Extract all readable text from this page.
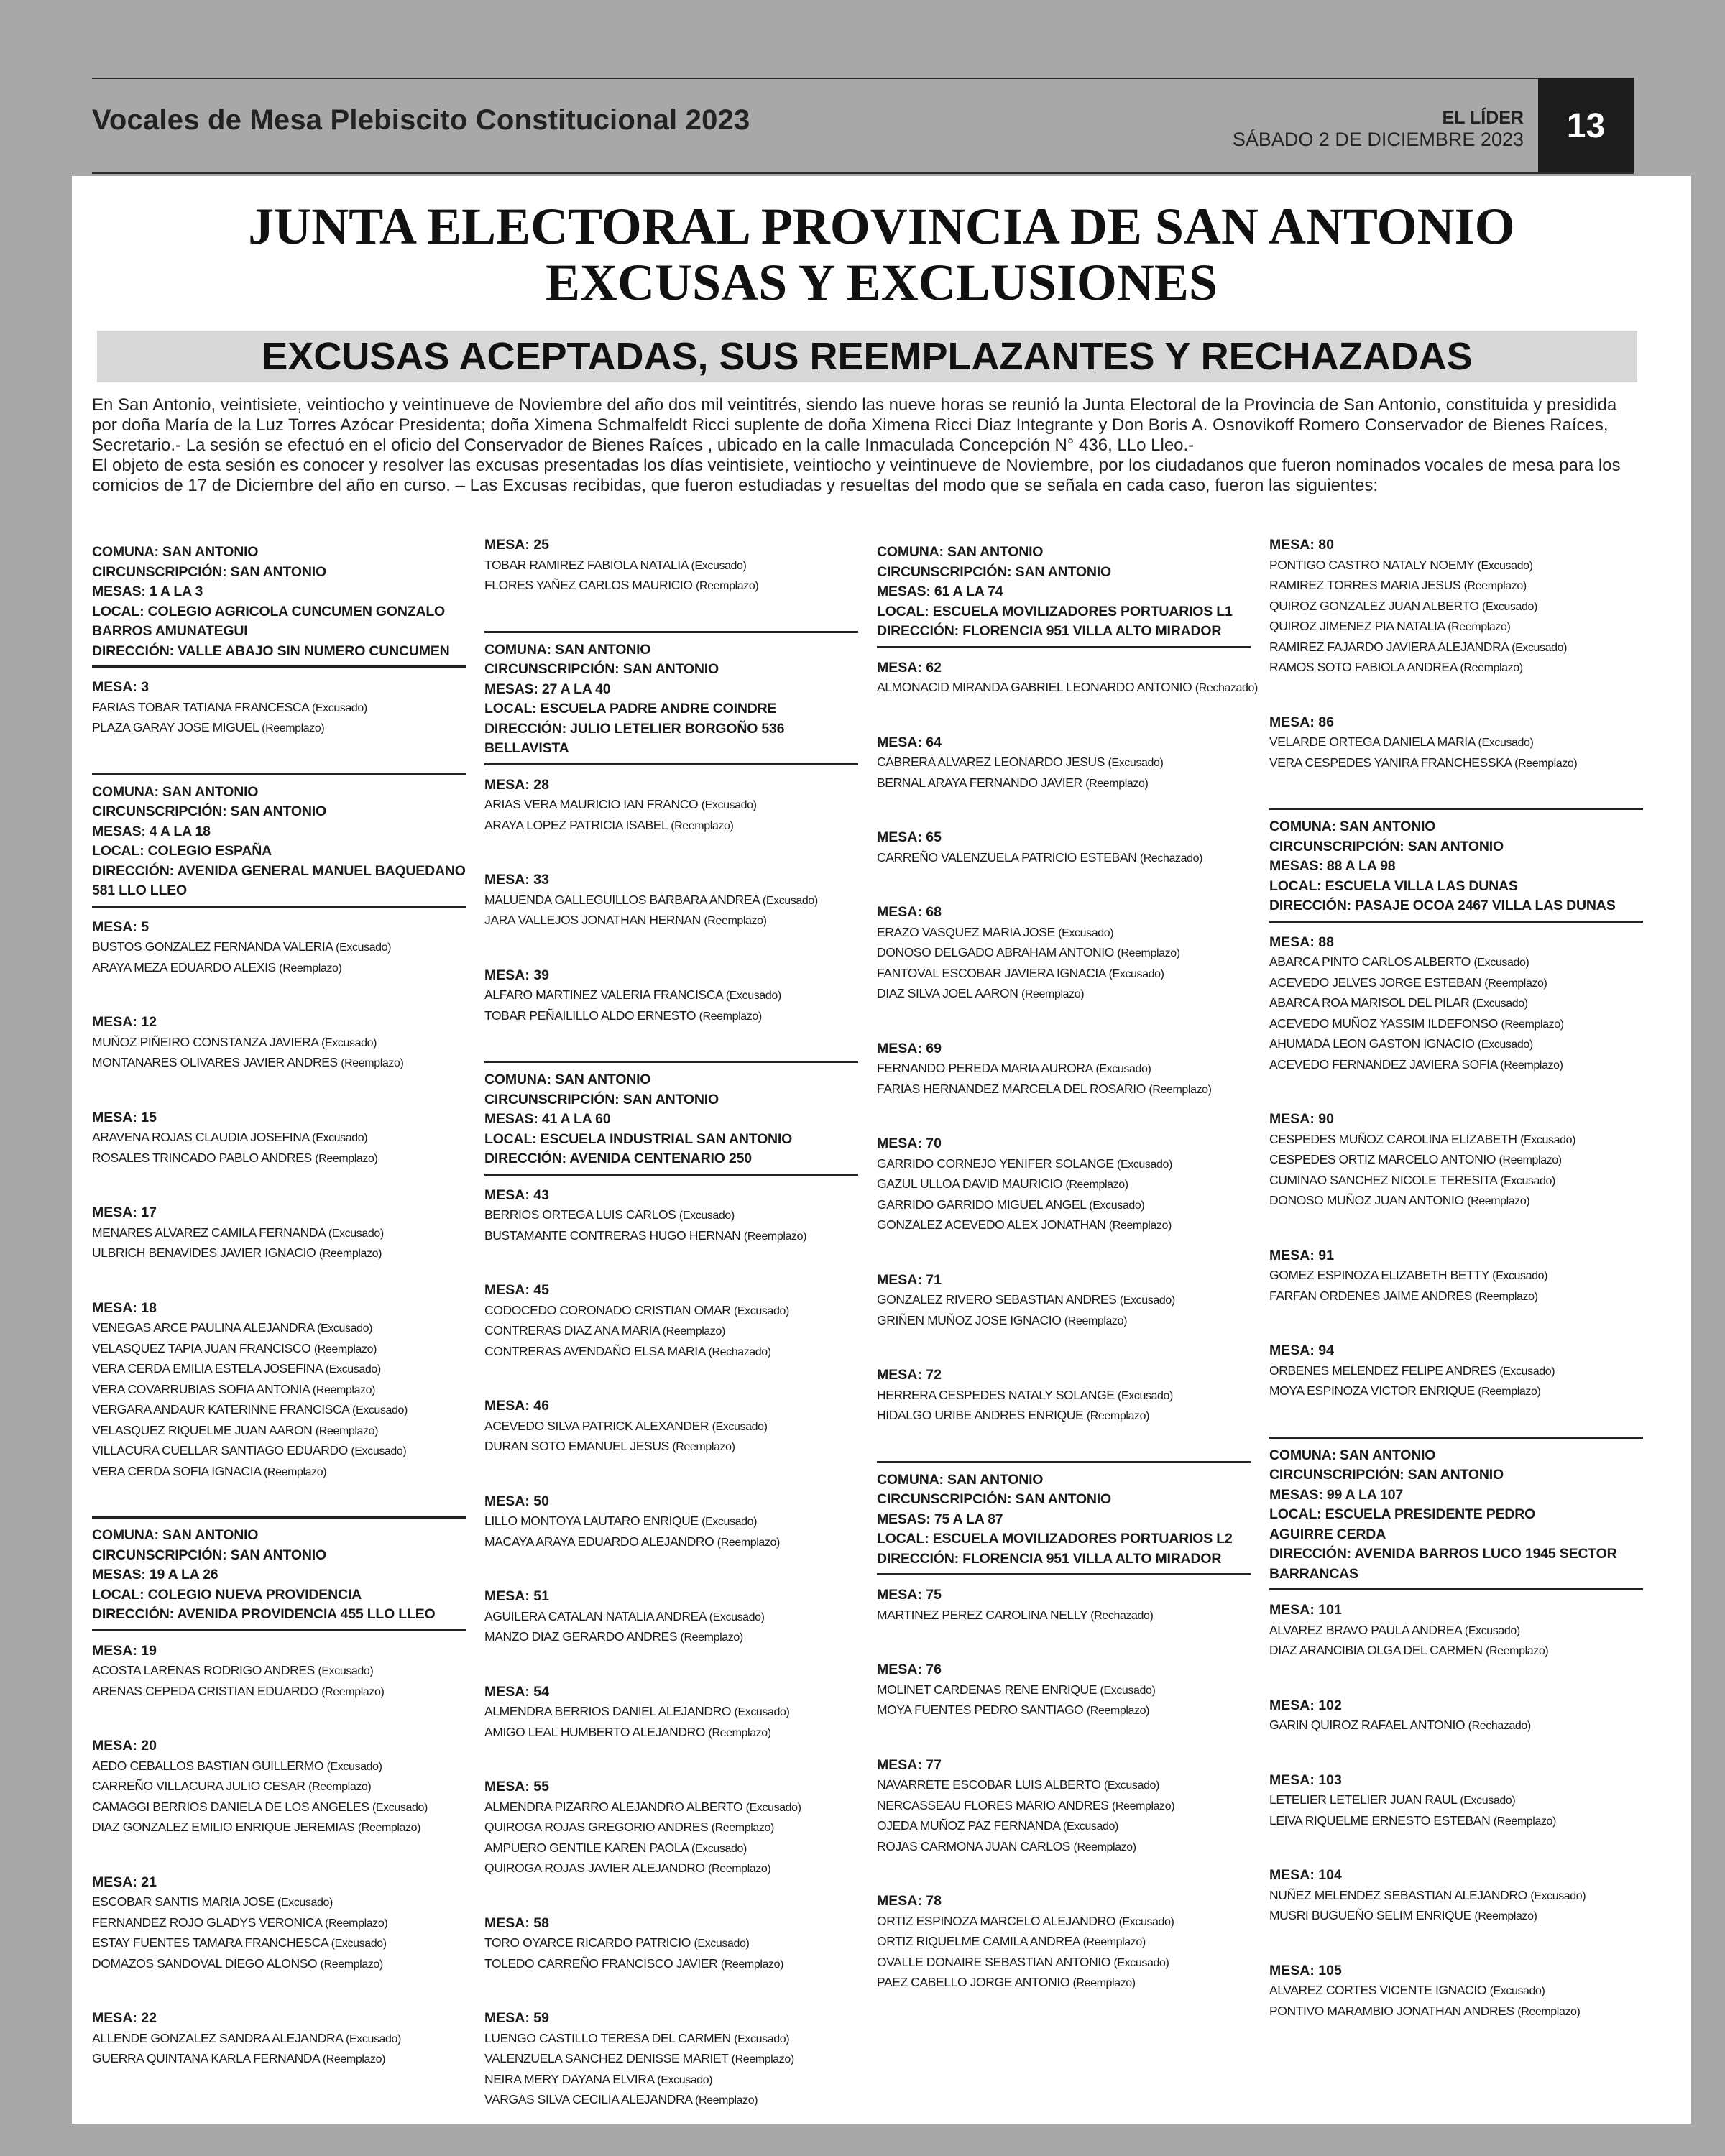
Vocales de Mesa Plebiscito Constitucional 2023	EL LÍDER
SÁBADO 2 DE DICIEMBRE 2023	13
JUNTA ELECTORAL PROVINCIA DE SAN ANTONIO
EXCUSAS Y EXCLUSIONES
EXCUSAS ACEPTADAS, SUS REEMPLAZANTES Y RECHAZADAS

En San Antonio, veintisiete, veintiocho y veintinueve de Noviembre del año dos mil veintitrés, siendo las nueve horas se reunió la Junta Electoral de la Provincia de San Antonio, constituida y presidida por doña María de la Luz Torres Azócar Presidenta; doña Ximena Schmalfeldt Ricci suplente de doña Ximena Ricci Diaz Integrante y Don Boris A. Osnovikoff Romero Conservador de Bienes Raíces, Secretario.- La sesión se efectuó en el oficio del Conservador de Bienes Raíces , ubicado en la calle Inmaculada Concepción N° 436, LLo Lleo.-

El objeto de esta sesión es conocer y resolver las excusas presentadas los días veintisiete, veintiocho y veintinueve de Noviembre, por los ciudadanos que fueron nominados vocales de mesa para los comicios de 17 de Diciembre del año en curso. – Las Excusas recibidas, que fueron estudiadas y resueltas del modo que se señala en cada caso, fueron las siguientes:

COMUNA: SAN ANTONIO
CIRCUNSCRIPCIÓN: SAN ANTONIO
MESAS: 1 A LA 3
LOCAL: COLEGIO AGRICOLA CUNCUMEN GONZALO
BARROS AMUNATEGUI
DIRECCIÓN: VALLE ABAJO SIN NUMERO CUNCUMEN
MESA: 3
FARIAS TOBAR TATIANA FRANCESCA (Excusado)
PLAZA GARAY JOSE MIGUEL (Reemplazo)
COMUNA: SAN ANTONIO
CIRCUNSCRIPCIÓN: SAN ANTONIO
MESAS: 4 A LA 18
LOCAL: COLEGIO ESPAÑA
DIRECCIÓN: AVENIDA GENERAL MANUEL BAQUEDANO
581 LLO LLEO
MESA: 5
BUSTOS GONZALEZ FERNANDA VALERIA (Excusado)
ARAYA MEZA EDUARDO ALEXIS (Reemplazo)
MESA: 12
MUÑOZ PIÑEIRO CONSTANZA JAVIERA (Excusado)
MONTANARES OLIVARES JAVIER ANDRES (Reemplazo)
MESA: 15
ARAVENA ROJAS CLAUDIA JOSEFINA (Excusado)
ROSALES TRINCADO PABLO ANDRES (Reemplazo)
MESA: 17
MENARES ALVAREZ CAMILA FERNANDA (Excusado)
ULBRICH BENAVIDES JAVIER IGNACIO (Reemplazo)
MESA: 18
VENEGAS ARCE PAULINA ALEJANDRA (Excusado)
VELASQUEZ TAPIA JUAN FRANCISCO (Reemplazo)
VERA CERDA EMILIA ESTELA JOSEFINA (Excusado)
VERA COVARRUBIAS SOFIA ANTONIA (Reemplazo)
VERGARA ANDAUR KATERINNE FRANCISCA (Excusado)
VELASQUEZ RIQUELME JUAN AARON (Reemplazo)
VILLACURA CUELLAR SANTIAGO EDUARDO (Excusado)
VERA CERDA SOFIA IGNACIA (Reemplazo)
COMUNA: SAN ANTONIO
CIRCUNSCRIPCIÓN: SAN ANTONIO
MESAS: 19 A LA 26
LOCAL: COLEGIO NUEVA PROVIDENCIA
DIRECCIÓN: AVENIDA PROVIDENCIA 455 LLO LLEO
MESA: 19
ACOSTA LARENAS RODRIGO ANDRES (Excusado)
ARENAS CEPEDA CRISTIAN EDUARDO (Reemplazo)
MESA: 20
AEDO CEBALLOS BASTIAN GUILLERMO (Excusado)
CARREÑO VILLACURA JULIO CESAR (Reemplazo)
CAMAGGI BERRIOS DANIELA DE LOS ANGELES (Excusado)
DIAZ GONZALEZ EMILIO ENRIQUE JEREMIAS (Reemplazo)
MESA: 21
ESCOBAR SANTIS MARIA JOSE (Excusado)
FERNANDEZ ROJO GLADYS VERONICA (Reemplazo)
ESTAY FUENTES TAMARA FRANCHESCA (Excusado)
DOMAZOS SANDOVAL DIEGO ALONSO (Reemplazo)
MESA: 22
ALLENDE GONZALEZ SANDRA ALEJANDRA (Excusado)
GUERRA QUINTANA KARLA FERNANDA (Reemplazo)
MESA: 25
TOBAR RAMIREZ FABIOLA NATALIA (Excusado)
FLORES YAÑEZ CARLOS MAURICIO (Reemplazo)
COMUNA: SAN ANTONIO
CIRCUNSCRIPCIÓN: SAN ANTONIO
MESAS: 27 A LA 40
LOCAL: ESCUELA PADRE ANDRE COINDRE
DIRECCIÓN: JULIO LETELIER BORGOÑO 536 BELLAVISTA
MESA: 28
ARIAS VERA MAURICIO IAN FRANCO (Excusado)
ARAYA LOPEZ PATRICIA ISABEL (Reemplazo)
MESA: 33
MALUENDA GALLEGUILLOS BARBARA ANDREA (Excusado)
JARA VALLEJOS JONATHAN HERNAN (Reemplazo)
MESA: 39
ALFARO MARTINEZ VALERIA FRANCISCA (Excusado)
TOBAR PEÑAILILLO ALDO ERNESTO (Reemplazo)
COMUNA: SAN ANTONIO
CIRCUNSCRIPCIÓN: SAN ANTONIO
MESAS: 41 A LA 60
LOCAL: ESCUELA INDUSTRIAL SAN ANTONIO
DIRECCIÓN: AVENIDA CENTENARIO 250
MESA: 43
BERRIOS ORTEGA LUIS CARLOS (Excusado)
BUSTAMANTE CONTRERAS HUGO HERNAN (Reemplazo)
MESA: 45
CODOCEDO CORONADO CRISTIAN OMAR (Excusado)
CONTRERAS DIAZ ANA MARIA (Reemplazo)
CONTRERAS AVENDAÑO ELSA MARIA (Rechazado)
MESA: 46
ACEVEDO SILVA PATRICK ALEXANDER (Excusado)
DURAN SOTO EMANUEL JESUS (Reemplazo)
MESA: 50
LILLO MONTOYA LAUTARO ENRIQUE (Excusado)
MACAYA ARAYA EDUARDO ALEJANDRO (Reemplazo)
MESA: 51
AGUILERA CATALAN NATALIA ANDREA (Excusado)
MANZO DIAZ GERARDO ANDRES (Reemplazo)
MESA: 54
ALMENDRA BERRIOS DANIEL ALEJANDRO (Excusado)
AMIGO LEAL HUMBERTO ALEJANDRO (Reemplazo)
MESA: 55
ALMENDRA PIZARRO ALEJANDRO ALBERTO (Excusado)
QUIROGA ROJAS GREGORIO ANDRES (Reemplazo)
AMPUERO GENTILE KAREN PAOLA (Excusado)
QUIROGA ROJAS JAVIER ALEJANDRO (Reemplazo)
MESA: 58
TORO OYARCE RICARDO PATRICIO (Excusado)
TOLEDO CARREÑO FRANCISCO JAVIER (Reemplazo)
MESA: 59
LUENGO CASTILLO TERESA DEL CARMEN (Excusado)
VALENZUELA SANCHEZ DENISSE MARIET (Reemplazo)
NEIRA MERY DAYANA ELVIRA (Excusado)
VARGAS SILVA CECILIA ALEJANDRA (Reemplazo)
COMUNA: SAN ANTONIO
CIRCUNSCRIPCIÓN: SAN ANTONIO
MESAS: 61 A LA 74
LOCAL: ESCUELA MOVILIZADORES PORTUARIOS L1
DIRECCIÓN: FLORENCIA 951 VILLA ALTO MIRADOR
MESA: 62
ALMONACID MIRANDA GABRIEL LEONARDO ANTONIO (Rechazado)
MESA: 64
CABRERA ALVAREZ LEONARDO JESUS (Excusado)
BERNAL ARAYA FERNANDO JAVIER (Reemplazo)
MESA: 65
CARREÑO VALENZUELA PATRICIO ESTEBAN (Rechazado)
MESA: 68
ERAZO VASQUEZ MARIA JOSE (Excusado)
DONOSO DELGADO ABRAHAM ANTONIO (Reemplazo)
FANTOVAL ESCOBAR JAVIERA IGNACIA (Excusado)
DIAZ SILVA JOEL AARON (Reemplazo)
MESA: 69
FERNANDO PEREDA MARIA AURORA (Excusado)
FARIAS HERNANDEZ MARCELA DEL ROSARIO (Reemplazo)
MESA: 70
GARRIDO CORNEJO YENIFER SOLANGE (Excusado)
GAZUL ULLOA DAVID MAURICIO (Reemplazo)
GARRIDO GARRIDO MIGUEL ANGEL (Excusado)
GONZALEZ ACEVEDO ALEX JONATHAN (Reemplazo)
MESA: 71
GONZALEZ RIVERO SEBASTIAN ANDRES (Excusado)
GRIÑEN MUÑOZ JOSE IGNACIO (Reemplazo)
MESA: 72
HERRERA CESPEDES NATALY SOLANGE (Excusado)
HIDALGO URIBE ANDRES ENRIQUE (Reemplazo)
COMUNA: SAN ANTONIO
CIRCUNSCRIPCIÓN: SAN ANTONIO
MESAS: 75 A LA 87
LOCAL: ESCUELA MOVILIZADORES PORTUARIOS L2
DIRECCIÓN: FLORENCIA 951 VILLA ALTO MIRADOR
MESA: 75
MARTINEZ PEREZ CAROLINA NELLY (Rechazado)
MESA: 76
MOLINET CARDENAS RENE ENRIQUE (Excusado)
MOYA FUENTES PEDRO SANTIAGO (Reemplazo)
MESA: 77
NAVARRETE ESCOBAR LUIS ALBERTO (Excusado)
NERCASSEAU FLORES MARIO ANDRES (Reemplazo)
OJEDA MUÑOZ PAZ FERNANDA (Excusado)
ROJAS CARMONA JUAN CARLOS (Reemplazo)
MESA: 78
ORTIZ ESPINOZA MARCELO ALEJANDRO (Excusado)
ORTIZ RIQUELME CAMILA ANDREA (Reemplazo)
OVALLE DONAIRE SEBASTIAN ANTONIO (Excusado)
PAEZ CABELLO JORGE ANTONIO (Reemplazo)
MESA: 80
PONTIGO CASTRO NATALY NOEMY (Excusado)
RAMIREZ TORRES MARIA JESUS (Reemplazo)
QUIROZ GONZALEZ JUAN ALBERTO (Excusado)
QUIROZ JIMENEZ PIA NATALIA (Reemplazo)
RAMIREZ FAJARDO JAVIERA ALEJANDRA (Excusado)
RAMOS SOTO FABIOLA ANDREA (Reemplazo)
MESA: 86
VELARDE ORTEGA DANIELA MARIA (Excusado)
VERA CESPEDES YANIRA FRANCHESSKA (Reemplazo)
COMUNA: SAN ANTONIO
CIRCUNSCRIPCIÓN: SAN ANTONIO
MESAS: 88 A LA 98
LOCAL: ESCUELA VILLA LAS DUNAS
DIRECCIÓN: PASAJE OCOA 2467 VILLA LAS DUNAS
MESA: 88
ABARCA PINTO CARLOS ALBERTO (Excusado)
ACEVEDO JELVES JORGE ESTEBAN (Reemplazo)
ABARCA ROA MARISOL DEL PILAR (Excusado)
ACEVEDO MUÑOZ YASSIM ILDEFONSO (Reemplazo)
AHUMADA LEON GASTON IGNACIO (Excusado)
ACEVEDO FERNANDEZ JAVIERA SOFIA (Reemplazo)
MESA: 90
CESPEDES MUÑOZ CAROLINA ELIZABETH (Excusado)
CESPEDES ORTIZ MARCELO ANTONIO (Reemplazo)
CUMINAO SANCHEZ NICOLE TERESITA (Excusado)
DONOSO MUÑOZ JUAN ANTONIO (Reemplazo)
MESA: 91
GOMEZ ESPINOZA ELIZABETH BETTY (Excusado)
FARFAN ORDENES JAIME ANDRES (Reemplazo)
MESA: 94
ORBENES MELENDEZ FELIPE ANDRES (Excusado)
MOYA ESPINOZA VICTOR ENRIQUE (Reemplazo)
COMUNA: SAN ANTONIO
CIRCUNSCRIPCIÓN: SAN ANTONIO
MESAS: 99 A LA 107
LOCAL: ESCUELA PRESIDENTE PEDRO
AGUIRRE CERDA
DIRECCIÓN: AVENIDA BARROS LUCO 1945 SECTOR
BARRANCAS
MESA: 101
ALVAREZ BRAVO PAULA ANDREA (Excusado)
DIAZ ARANCIBIA OLGA DEL CARMEN (Reemplazo)
MESA: 102
GARIN QUIROZ RAFAEL ANTONIO (Rechazado)
MESA: 103
LETELIER LETELIER JUAN RAUL (Excusado)
LEIVA RIQUELME ERNESTO ESTEBAN (Reemplazo)
MESA: 104
NUÑEZ MELENDEZ SEBASTIAN ALEJANDRO (Excusado)
MUSRI BUGUEÑO SELIM ENRIQUE (Reemplazo)
MESA: 105
ALVAREZ CORTES VICENTE IGNACIO (Excusado)
PONTIVO MARAMBIO JONATHAN ANDRES (Reemplazo)
